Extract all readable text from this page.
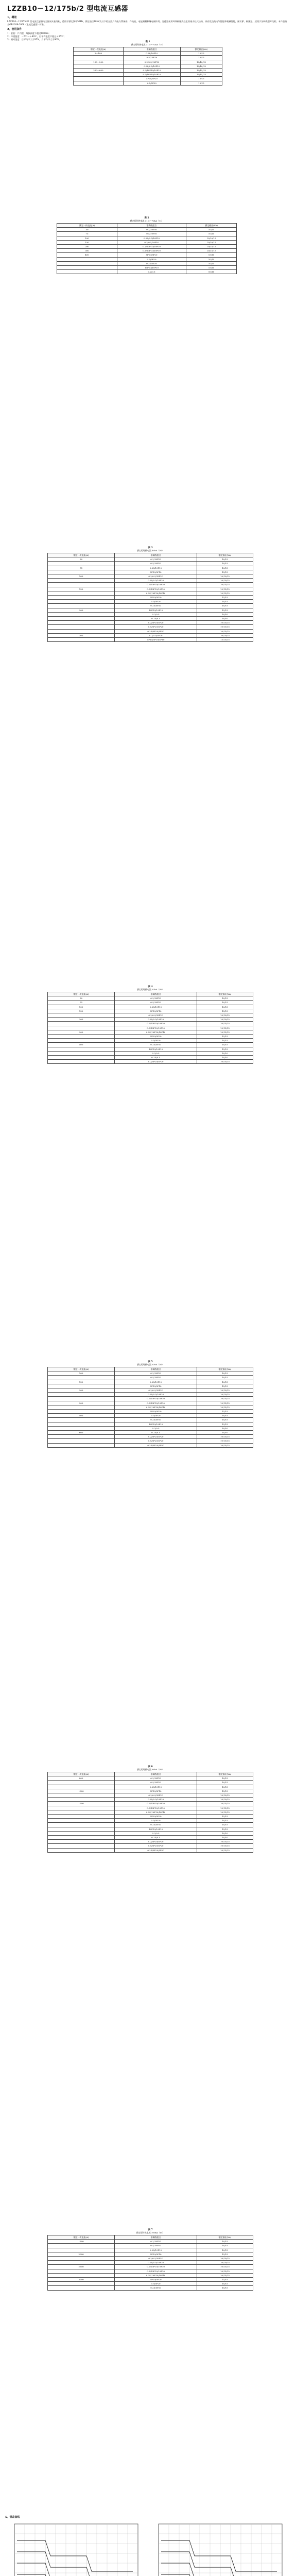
LZZB10－12/175b/2 型电流互感器
1、概述

LZZB10－12/175b/2 型电流互感器为全封闭支柱结构，适用于额定频率50Hz、额定电压10kV及以下的交流户内电力系统中，作电流、电能测量和继电保护用。互感器采用环氧树脂浇注全封闭支柱式结构，具有优良的电气性能和机械性能，耐污秽、耐潮湿，适用于各种类型开关柜。本产品符合GB1208-2006《电流互感器》标准。

2、使用条件

1）安装：户内型，海拔高度不超过1000m；

2）环境温度：－5℃～＋40℃，日平均温度不超过＋35℃；

3）相对湿度：日平均不大于95%，月平均不大于90%。

表 1
额定短时热电流 31.5～72kA（1s）
额定一次电流(A)	准确级组合	额定输出(VA)
5～100	0.2S/10P10	10/15
	0.5/10P10	10/15
150～200	0.2/0.5/10P10	10/10/15
	0.2S/0.5/10P10	10/10/15
250～600	0.2/10P10/10P10	10/15/15
	0.5/10P10/10P10	10/15/15
	5P20/5P20	15/15
	0.5/5P20	10/15
表 2
额定短时热电流 31.5～72kA（1s）
额定一次电流(A)	准确级组合	额定输出(VA)
50	0.2/10P10	10/15
75	0.5/10P10	10/15
100	0.2S/0.5/10P10	10/10/15
150	0.2/0.5/10P10	10/10/15
200	0.2/10P10/10P10	10/15/15
300	0.5/10P10/10P10	10/15/15
400	5P20/5P20	15/15
	0.5/5P20	10/15
	0.2S/5P20	10/15
	10P10/10P10	15/15
	0.2/0.5	10/10
表 3
额定短时热电流 40kA（4s）
额定一次电流(A)	准确级组合	额定输出(VA)
50	0.2/10P10	10/15
	0.5/10P10	10/15
75	0.2S/10P10	10/15
	5P10/5P10	15/15
100	0.2/0.5/10P10	10/10/15
	0.2S/0.5/10P10	10/10/15
	0.2/10P10/10P10	10/15/15
150	0.5/10P10/10P10	10/15/15
	0.2S/10P10/10P10	10/15/15
	5P20/5P20	15/15
	0.5/5P20	10/15
	0.2S/5P20	10/15
200	10P10/10P10	15/15
	0.2/0.5	10/10
	0.2S/0.5	10/10
	0.2/5P20/5P20	10/15/15
	0.5/5P20/5P20	10/15/15
	0.2S/5P20/5P20	10/15/15
300	0.2/0.5/5P20	10/10/15
	5P10/5P10/5P10	15/15/15
表 4
额定短时热电流 63kA（4s）
额定一次电流(A)	准确级组合	额定输出(VA)
50	0.2/10P10	10/15
75	0.5/10P10	10/15
100	0.2S/10P10	10/15
150	5P10/5P10	15/15
	0.2/0.5/10P10	10/10/15
200	0.2S/0.5/10P10	10/10/15
	0.2/10P10/10P10	10/15/15
	0.5/10P10/10P10	10/15/15
300	0.2S/10P10/10P10	10/15/15
	5P20/5P20	15/15
	0.5/5P20	10/15
400	0.2S/5P20	10/15
	10P10/10P10	15/15
	0.2/0.5	10/10
	0.2S/0.5	10/10
	0.2/5P20/5P20	10/15/15
表 5
额定短时热电流 63kA（4s）
额定一次电流(A)	准确级组合	额定输出(VA)
100	0.2/10P10	10/15
	0.5/10P10	10/15
150	0.2S/10P10	10/15
	5P10/5P10	15/15
200	0.2/0.5/10P10	10/10/15
	0.2S/0.5/10P10	10/10/15
	0.2/10P10/10P10	10/15/15
300	0.5/10P10/10P10	10/15/15
	0.2S/10P10/10P10	10/15/15
	5P20/5P20	15/15
400	0.5/5P20	10/15
	0.2S/5P20	10/15
	10P10/10P10	15/15
	0.2/0.5	10/10
600	0.2S/0.5	10/10
	0.2/5P20/5P20	10/15/15
	0.5/5P20/5P20	10/15/15
	0.2S/5P20/5P20	10/15/15
表 6
额定短时热电流 80kA（4s）
额定一次电流(A)	准确级组合	额定输出(VA)
800	0.2/10P10	10/15
	0.5/10P10	10/15
	0.2S/10P10	10/15
1000	5P10/5P10	15/15
	0.2/0.5/10P10	10/10/15
	0.2S/0.5/10P10	10/10/15
1200	0.2/10P10/10P10	10/15/15
	0.5/10P10/10P10	10/15/15
	0.2S/10P10/10P10	10/15/15
	5P20/5P20	15/15
	0.5/5P20	10/15
	0.2S/5P20	10/15
	10P10/10P10	15/15
	0.2/0.5	10/10
	0.2S/0.5	10/10
	0.2/5P20/5P20	10/15/15
	0.5/5P20/5P20	10/15/15
	0.2S/5P20/5P20	10/15/15
表 7
额定短时热电流 100kA（4s）
额定一次电流(A)	准确级组合	额定输出(VA)
1500	0.2/10P10	10/15
	0.5/10P10	10/15
	0.2S/10P10	10/15
2000	5P10/5P10	15/15
	0.2/0.5/10P10	10/10/15
	0.2S/0.5/10P10	10/10/15
2500	0.2/10P10/10P10	10/15/15
	0.5/10P10/10P10	10/15/15
	0.2S/10P10/10P10	10/15/15
3000	5P20/5P20	15/15
	0.5/5P20	10/15
	0.2S/5P20	10/15
5、误差曲线
